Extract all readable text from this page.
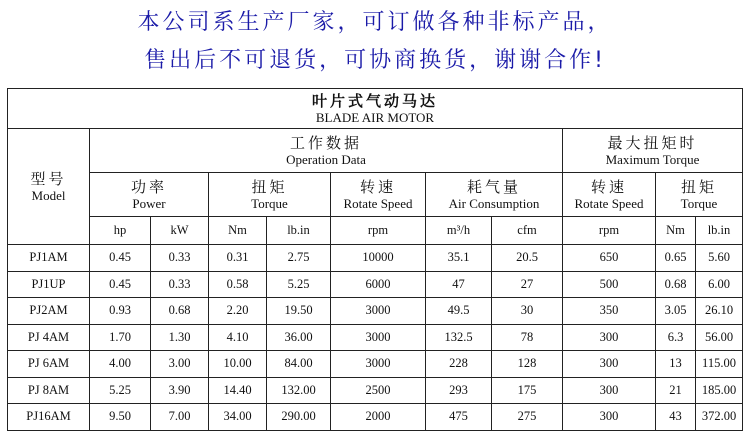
本公司系生产厂家，可订做各种非标产品，
售出后不可退货，可协商换货，谢谢合作!
叶片式气动马达
BLADE AIR MOTOR										

型号
Model	工作数据
Operation Data							最大扭矩时
Maximum Torque		

	功率
Power		扭矩
Torque		转速
Rotate Speed	耗气量
Air Consumption		转速
Rotate Speed	扭矩
Torque	

	hp	kW	Nm	lb.in	rpm	m³/h	cfm	rpm	Nm	lb.in
PJ1AM	0.45	0.33	0.31	2.75	10000	35.1	20.5	650	0.65	5.60
PJ1UP	0.45	0.33	0.58	5.25	6000	47	27	500	0.68	6.00
PJ2AM	0.93	0.68	2.20	19.50	3000	49.5	30	350	3.05	26.10
PJ 4AM	1.70	1.30	4.10	36.00	3000	132.5	78	300	6.3	56.00
PJ 6AM	4.00	3.00	10.00	84.00	3000	228	128	300	13	115.00
PJ 8AM	5.25	3.90	14.40	132.00	2500	293	175	300	21	185.00
PJ16AM	9.50	7.00	34.00	290.00	2000	475	275	300	43	372.00
